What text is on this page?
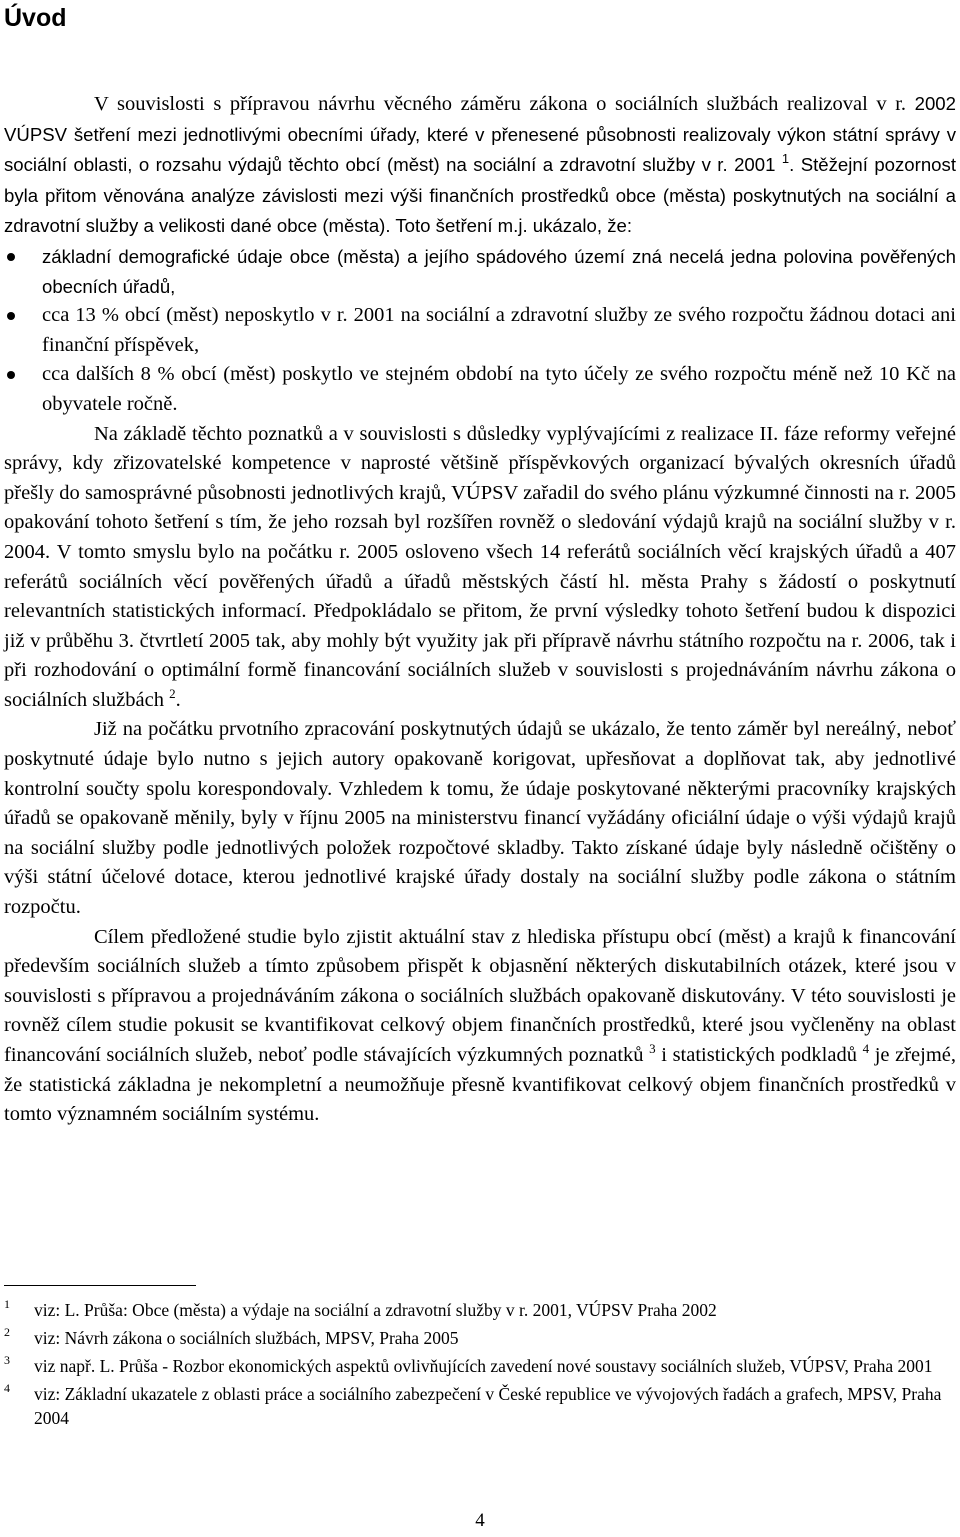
Úvod

V souvislosti s přípravou návrhu věcného záměru zákona o sociálních službách realizoval v r. 2002 VÚPSV šetření mezi jednotlivými obecními úřady, které v přenesené působnosti realizovaly výkon státní správy v sociální oblasti, o rozsahu výdajů těchto obcí (měst) na sociální a zdravotní služby v r. 2001 $^1$. Stěžejní pozornost byla přitom věnována analýze závislosti mezi výši finančních prostředků obce (města) poskytnutých na sociální a zdravotní služby a velikosti dané obce (města). Toto šetření m.j. ukázalo, že:

základní demografické údaje obce (města) a jejího spádového území zná necelá jedna polovina pověřených obecních úřadů,
cca 13 % obcí (měst) neposkytlo v r. 2001 na sociální a zdravotní služby ze svého rozpočtu žádnou dotaci ani finanční příspěvek,
cca dalších 8 % obcí (měst) poskytlo ve stejném období na tyto účely ze svého rozpočtu méně než 10 Kč na obyvatele ročně.

Na základě těchto poznatků a v souvislosti s důsledky vyplývajícími z realizace II. fáze reformy veřejné správy, kdy zřizovatelské kompetence v naprosté většině příspěvkových organizací bývalých okresních úřadů přešly do samosprávné působnosti jednotlivých krajů, VÚPSV zařadil do svého plánu výzkumné činnosti na r. 2005 opakování tohoto šetření s tím, že jeho rozsah byl rozšířen rovněž o sledování výdajů krajů na sociální služby v r. 2004. V tomto smyslu bylo na počátku r. 2005 osloveno všech 14 referátů sociálních věcí krajských úřadů a 407 referátů sociálních věcí pověřených úřadů a úřadů městských částí hl. města Prahy s žádostí o poskytnutí relevantních statistických informací. Předpokládalo se přitom, že první výsledky tohoto šetření budou k dispozici již v průběhu 3. čtvrtletí 2005 tak, aby mohly být využity jak při přípravě návrhu státního rozpočtu na r. 2006, tak i při rozhodování o optimální formě financování sociálních služeb v souvislosti s projednáváním návrhu zákona o sociálních službách $^2$.

Již na počátku prvotního zpracování poskytnutých údajů se ukázalo, že tento záměr byl nereálný, neboť poskytnuté údaje bylo nutno s jejich autory opakovaně korigovat, upřesňovat a doplňovat tak, aby jednotlivé kontrolní součty spolu korespondovaly. Vzhledem k tomu, že údaje poskytované některými pracovníky krajských úřadů se opakovaně měnily, byly v říjnu 2005 na ministerstvu financí vyžádány oficiální údaje o výši výdajů krajů na sociální služby podle jednotlivých položek rozpočtové skladby. Takto získané údaje byly následně očištěny o výši státní účelové dotace, kterou jednotlivé krajské úřady dostaly na sociální služby podle zákona o státním rozpočtu.

Cílem předložené studie bylo zjistit aktuální stav z hlediska přístupu obcí (měst) a krajů k financování především sociálních služeb a tímto způsobem přispět k objasnění některých diskutabilních otázek, které jsou v souvislosti s přípravou a projednáváním zákona o sociálních službách opakovaně diskutovány. V této souvislosti je rovněž cílem studie pokusit se kvantifikovat celkový objem finančních prostředků, které jsou vyčleněny na oblast financování sociálních služeb, neboť podle stávajících výzkumných poznatků $^3$ i statistických podkladů $^4$ je zřejmé, že statistická základna je nekompletní a neumožňuje přesně kvantifikovat celkový objem finančních prostředků v tomto významném sociálním systému.

1 viz: L. Průša: Obce (města) a výdaje na sociální a zdravotní služby v r. 2001, VÚPSV Praha 2002
2 viz: Návrh zákona o sociálních službách, MPSV, Praha 2005
3 viz např. L. Průša - Rozbor ekonomických aspektů ovlivňujících zavedení nové soustavy sociálních služeb, VÚPSV, Praha 2001
4 viz: Základní ukazatele z oblasti práce a sociálního zabezpečení v České republice ve vývojových řadách a grafech, MPSV, Praha 2004
4
